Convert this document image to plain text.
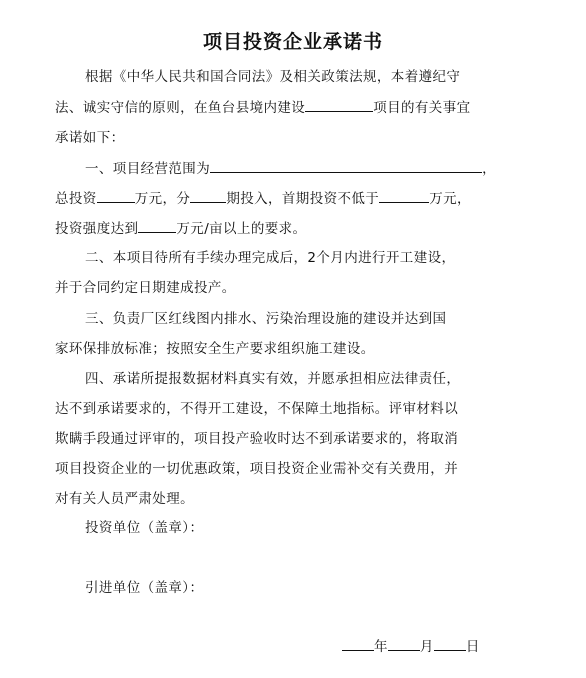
项目投资企业承诺书
根据《中华人民共和国合同法》及相关政策法规，本着遵纪守
法、诚实守信的原则，在鱼台县境内建设	项目的有关事宜
承诺如下：
一、项目经营范围为	，
总投资	万元，分	期投入，首期投资不低于	万元，
投资强度达到	万元/亩以上的要求。
二、本项目待所有手续办理完成后，2个月内进行开工建设，
并于合同约定日期建成投产。
三、负责厂区红线图内排水、污染治理设施的建设并达到国
家环保排放标准；按照安全生产要求组织施工建设。
四、承诺所提报数据材料真实有效，并愿承担相应法律责任，
达不到承诺要求的，不得开工建设，不保障土地指标。评审材料以
欺瞒手段通过评审的，项目投产验收时达不到承诺要求的，将取消
项目投资企业的一切优惠政策，项目投资企业需补交有关费用，并
对有关人员严肃处理。
投资单位（盖章）：
引进单位（盖章）：
年 月 日
